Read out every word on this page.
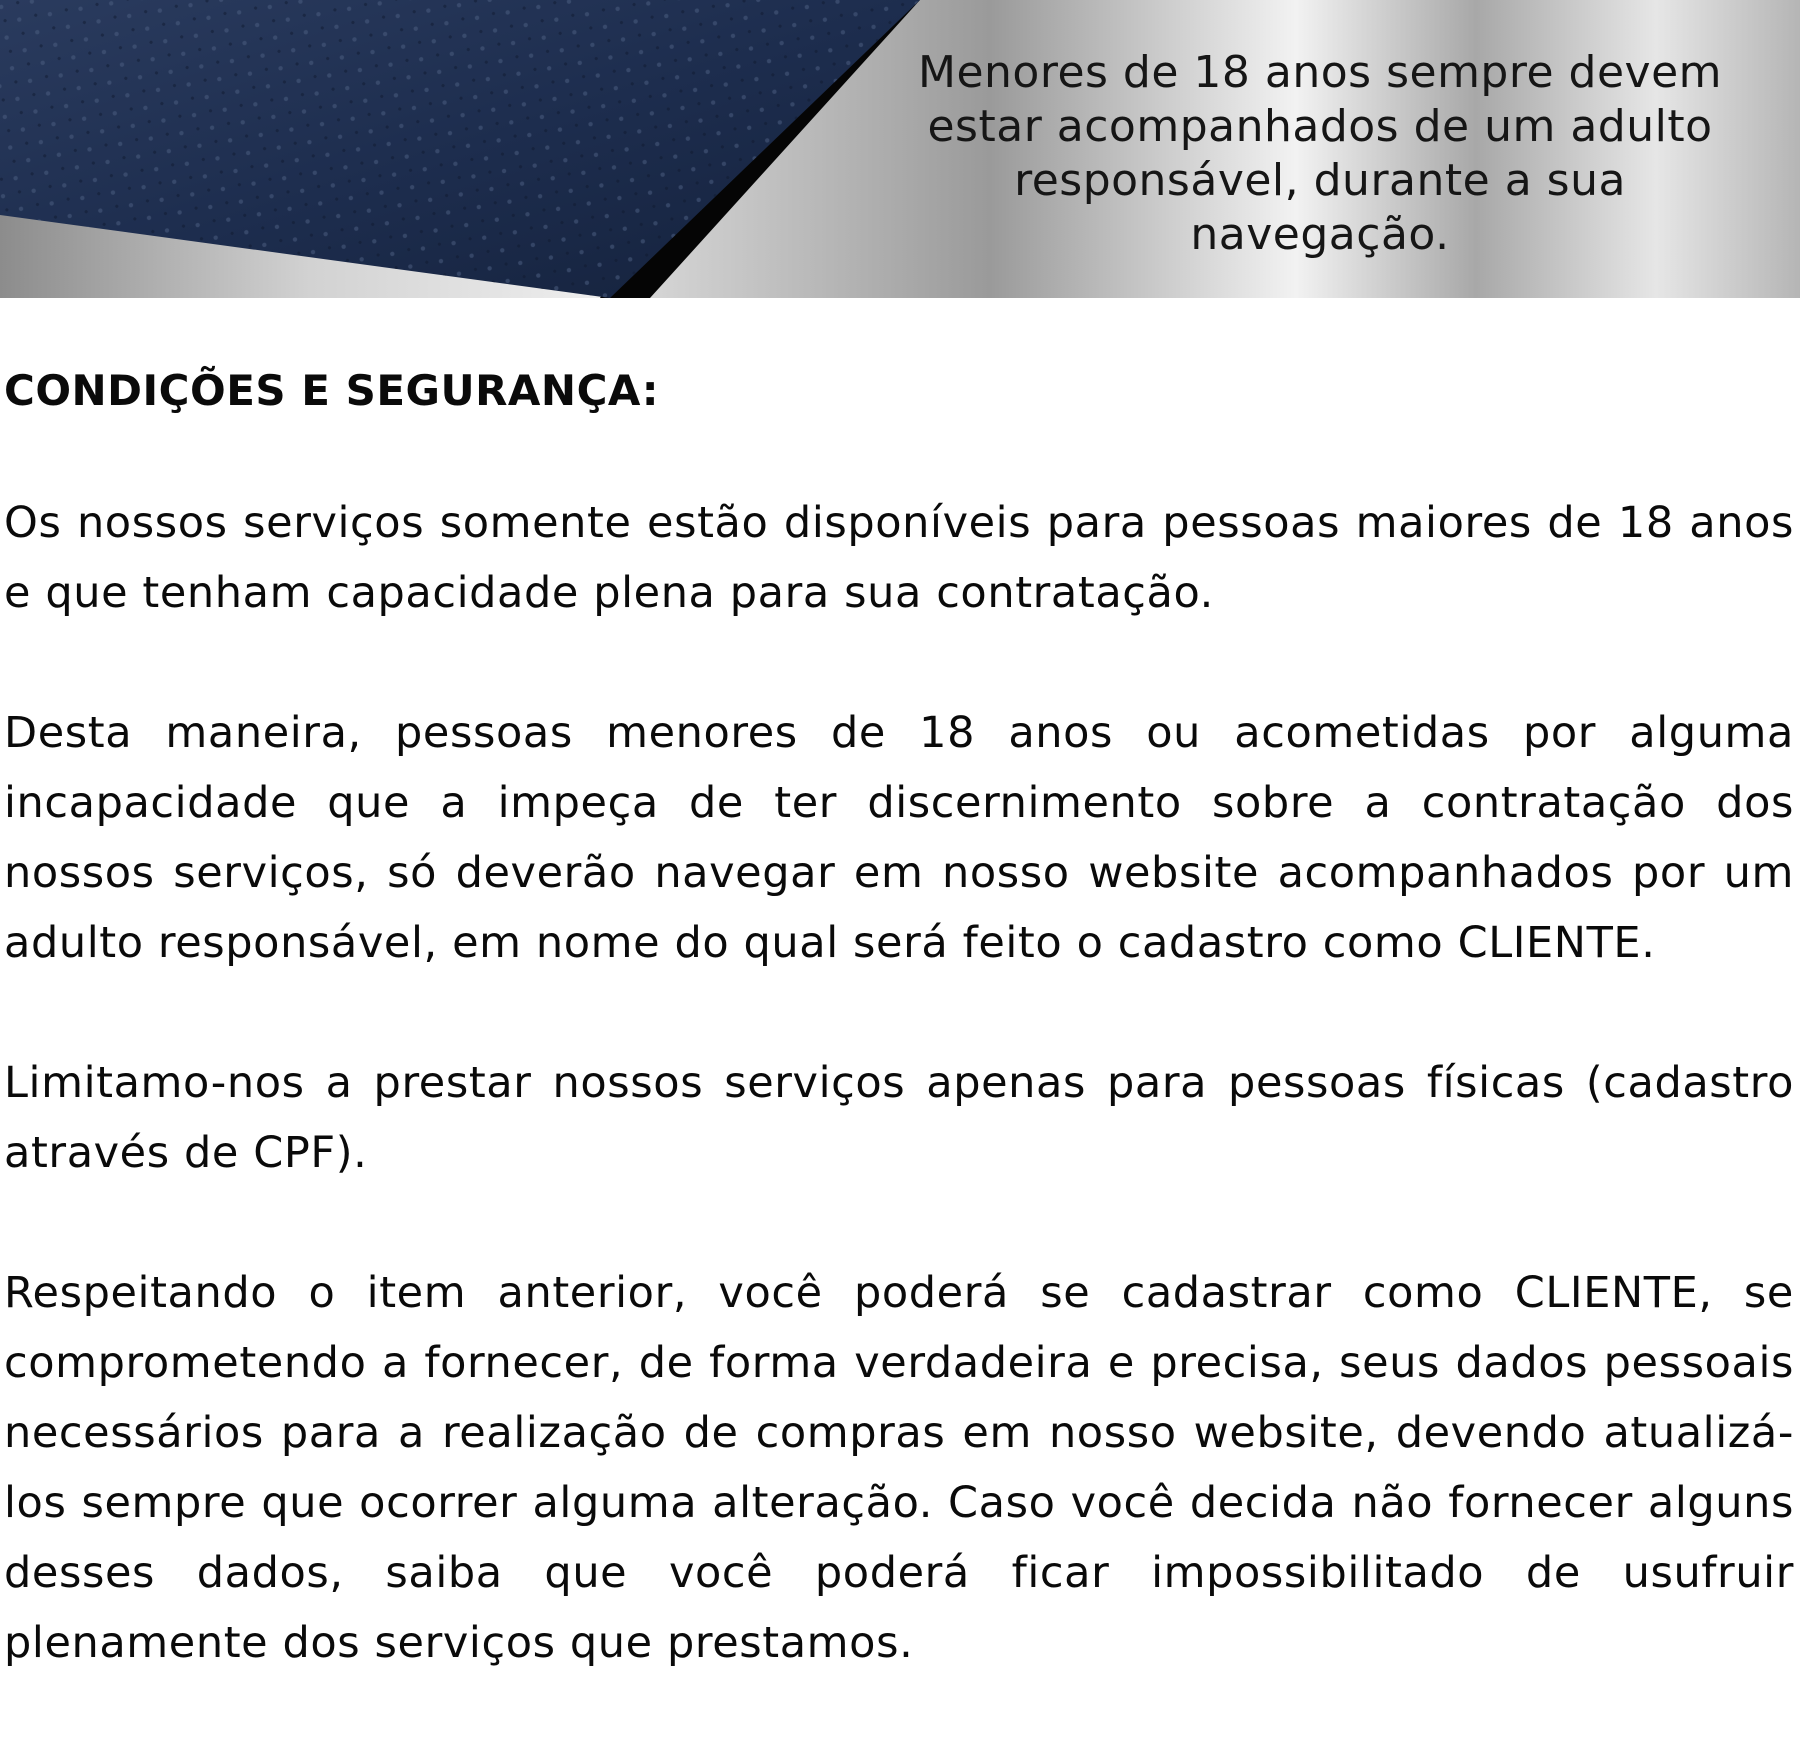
Menores de 18 anos sempre devem estar acompanhados de um adulto responsável, durante a sua navegação.

CONDIÇÕES E SEGURANÇA:

Os nossos serviços somente estão disponíveis para pessoas maiores de 18 anos e que tenham capacidade plena para sua contratação.

Desta maneira, pessoas menores de 18 anos ou acometidas por alguma incapacidade que a impeça de ter discernimento sobre a contratação dos nossos serviços, só deverão navegar em nosso website acompanhados por um adulto responsável, em nome do qual será feito o cadastro como CLIENTE.

Limitamo-nos a prestar nossos serviços apenas para pessoas físicas (cadastro através de CPF).

Respeitando o item anterior, você poderá se cadastrar como CLIENTE, se comprometendo a fornecer, de forma verdadeira e precisa, seus dados pessoais necessários para a realização de compras em nosso website, devendo atualizá-los sempre que ocorrer alguma alteração. Caso você decida não fornecer alguns desses dados, saiba que você poderá ficar impossibilitado de usufruir plenamente dos serviços que prestamos.
